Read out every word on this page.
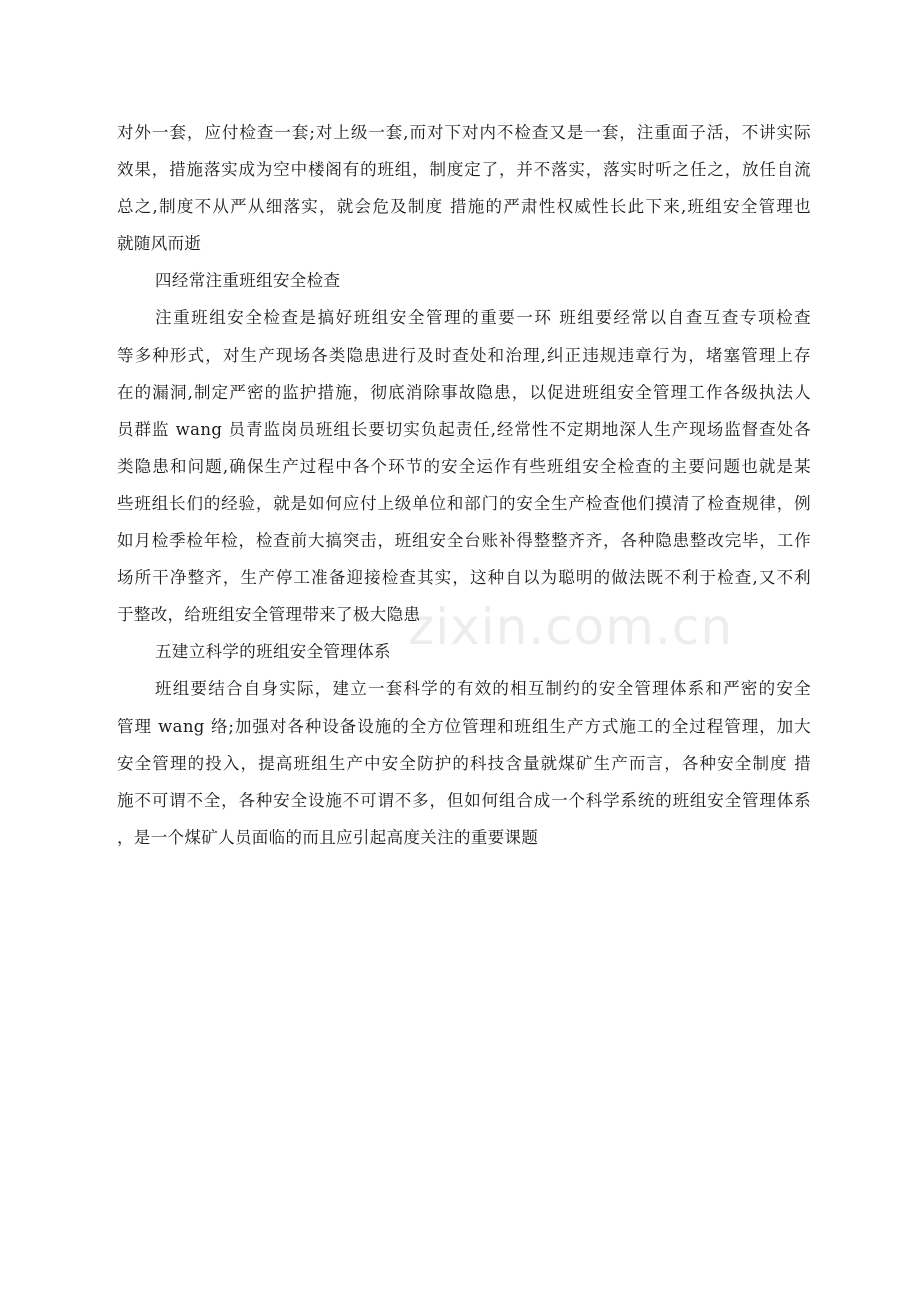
zixin.com.cn
对外一套，应付检查一套;对上级一套,而对下对内不检查又是一套，注重面子活，不讲实际
效果，措施落实成为空中楼阁有的班组，制度定了，并不落实，落实时听之任之，放任自流
总之,制度不从严从细落实，就会危及制度 措施的严肃性权威性长此下来,班组安全管理也
就随风而逝
四经常注重班组安全检查
注重班组安全检查是搞好班组安全管理的重要一环 班组要经常以自查互查专项检查
等多种形式，对生产现场各类隐患进行及时查处和治理,纠正违规违章行为，堵塞管理上存
在的漏洞,制定严密的监护措施，彻底消除事故隐患，以促进班组安全管理工作各级执法人
员群监 wang 员青监岗员班组长要切实负起责任,经常性不定期地深人生产现场监督查处各
类隐患和问题,确保生产过程中各个环节的安全运作有些班组安全检查的主要问题也就是某
些班组长们的经验，就是如何应付上级单位和部门的安全生产检查他们摸清了检查规律，例
如月检季检年检，检查前大搞突击，班组安全台账补得整整齐齐，各种隐患整改完毕，工作
场所干净整齐，生产停工准备迎接检查其实，这种自以为聪明的做法既不利于检查,又不利
于整改，给班组安全管理带来了极大隐患
五建立科学的班组安全管理体系
班组要结合自身实际，建立一套科学的有效的相互制约的安全管理体系和严密的安全
管理 wang 络;加强对各种设备设施的全方位管理和班组生产方式施工的全过程管理，加大
安全管理的投入，提高班组生产中安全防护的科技含量就煤矿生产而言，各种安全制度 措
施不可谓不全，各种安全设施不可谓不多，但如何组合成一个科学系统的班组安全管理体系
，是一个煤矿人员面临的而且应引起高度关注的重要课题
